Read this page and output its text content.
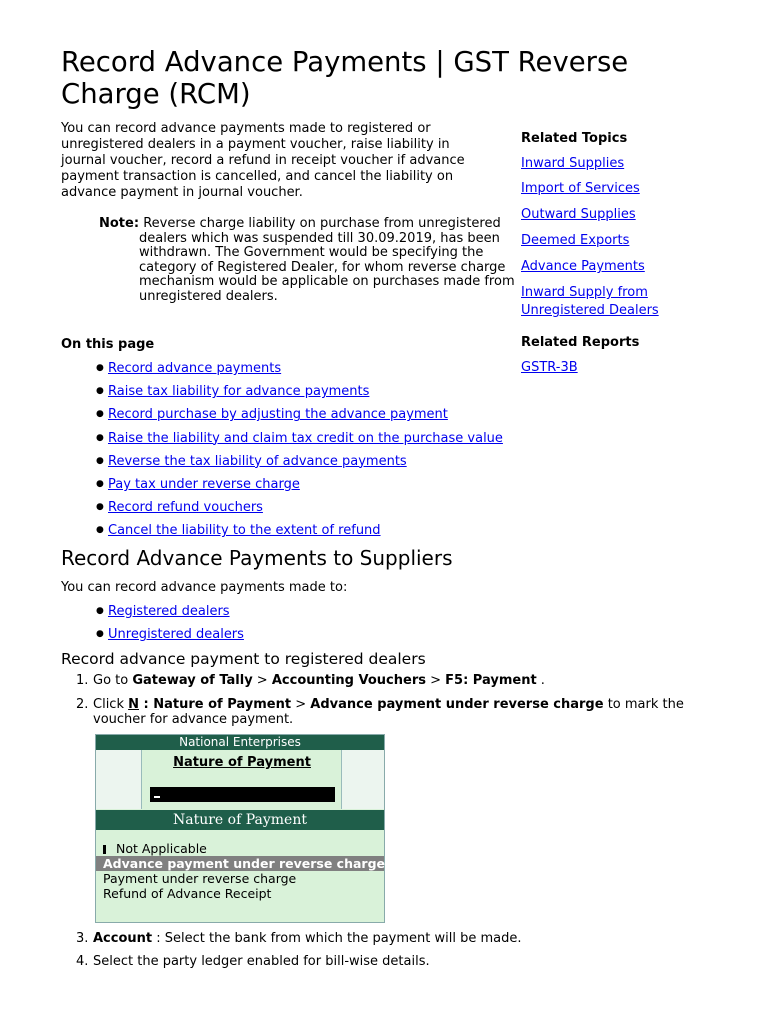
Record Advance Payments | GST Reverse Charge (RCM)

You can record advance payments made to registered or unregistered dealers in a payment voucher, raise liability in journal voucher, record a refund in receipt voucher if advance payment transaction is cancelled, and cancel the liability on advance payment in journal voucher.

Note: Reverse charge liability on purchase from unregistered dealers which was suspended till 30.09.2019, has been withdrawn. The Government would be specifying the category of Registered Dealer, for whom reverse charge mechanism would be applicable on purchases made from unregistered dealers.

Related Topics
Inward Supplies
Import of Services
Outward Supplies
Deemed Exports
Advance Payments
Inward Supply from Unregistered Dealers
Related Reports
GSTR-3B
On this page
● Record advance payments
● Raise tax liability for advance payments
● Record purchase by adjusting the advance payment
● Raise the liability and claim tax credit on the purchase value
● Reverse the tax liability of advance payments
● Pay tax under reverse charge
● Record refund vouchers
● Cancel the liability to the extent of refund
Record Advance Payments to Suppliers

You can record advance payments made to:

● Registered dealers
● Unregistered dealers
Record advance payment to registered dealers
1. Go to Gateway of Tally > Accounting Vouchers > F5: Payment .
2. Click N : Nature of Payment > Advance payment under reverse charge to mark the voucher for advance payment.
National Enterprises
Nature of Payment
Nature of Payment
Not Applicable
Advance payment under reverse charge
Payment under reverse charge
Refund of Advance Receipt
3. Account : Select the bank from which the payment will be made.
4. Select the party ledger enabled for bill-wise details.
